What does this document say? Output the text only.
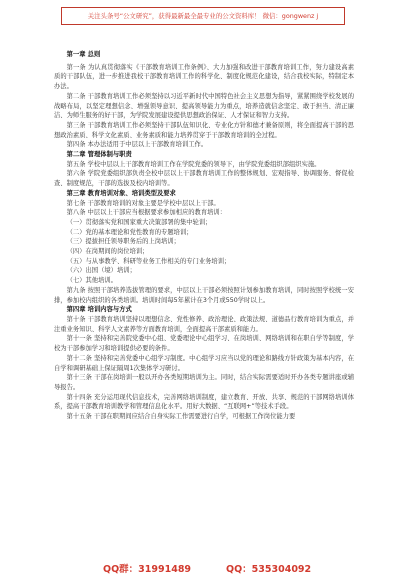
关注头条号“公文研究”，获得最新最全最专业的公文资料库！ 微信：gongwenz j

第一章 总则

第一条 为认真贯彻落实《干部教育培训工作条例》、大力加强和改进干部教育培训工作，努力建设高素质的干部队伍，进一步推进我校干部教育培训工作的科学化、制度化规范化建设，结合我校实际，特制定本办法。

第二条 干部教育培训工作必须坚持以习近平新时代中国特色社会主义思想为指导，紧紧围绕学校发展的战略布局，以坚定理想信念、增强领导意识、提高领导能力为重点，培养造就信念坚定、敢于担当、清正廉洁、为师生服务的好干部，为学院发展建设提供思想政治保证、人才保证和智力支持。

第三条 干部教育培训工作必须坚持干部队伍知识化、专业化方针和德才兼备原则，将全面提高干部的思想政治素质、科学文化素质、业务素质和能力培养贯穿于干部教育培训的全过程。

第四条 本办法适用于中层以上干部教育培训工作。

第二章 管理体制与职责

第五条 学校中层以上干部教育培训工作在学院党委的领导下，由学院党委组织部组织实施。

第六条 学院党委组织部负责全校中层以上干部教育培训工作的整体规划、宏观指导、协调服务、督促检查、制度规范，干部的选拔及校内培训等。

第三章 教育培训对象、培训类型及要求

第七条 干部教育培训的对象主要是学校中层以上干部。

第八条 中层以上干部应当根据要求参加相应的教育培训：

（一）贯彻落实党和国家重大决策部署的集中轮训；

（二）党的基本理论和党性教育的专题培训；

（三）提拔担任领导职务后的上岗培训；

（四）在岗期间的岗位培训；

（五）与从事教学、科研等业务工作相关的专门业务培训；

（六）出国（境）培训；

（七）其他培训。

第九条 按照干部培养选拔管理的要求，中层以上干部必须按照计划参加教育培训，同时按照学校统一安排，参加校内组织的各类培训。培训时间每5年累计在3个月或550学时以上。

第四章 培训内容与方式

第十条 干部教育培训坚持以理想信念、党性修养、政治理论、政策法规、道德品行教育培训为重点，并注重业务知识、科学人文素养等方面教育培训，全面提高干部素质和能力。

第十一条 坚持和完善院党委中心组、党委理论中心组学习、在岗培训、网络培训和在职自学等制度，学校为干部参加学习和培训提供必要的条件。

第十二条 坚持和完善党委中心组学习制度。中心组学习应当以党的理论和路线方针政策为基本内容，在自学和调研基础上保证隔周1次集体学习研讨。

第十三条 干部在岗培训一般以开办各类短期培训为主。同时，结合实际需要适时开办各类专题讲座或辅导报告。

第十四条 充分运用现代信息技术，完善网络培训制度，建立教育、开放、共享、规范的干部网络培训体系，提高干部教育培训教学和管理信息化水平。用好大数据、“互联网+”等技术手段。

第十五条 干部在职期间应结合自身实际工作需要进行自学，可根据工作岗位能力要

QQ群：31991489	QQ：535304092
